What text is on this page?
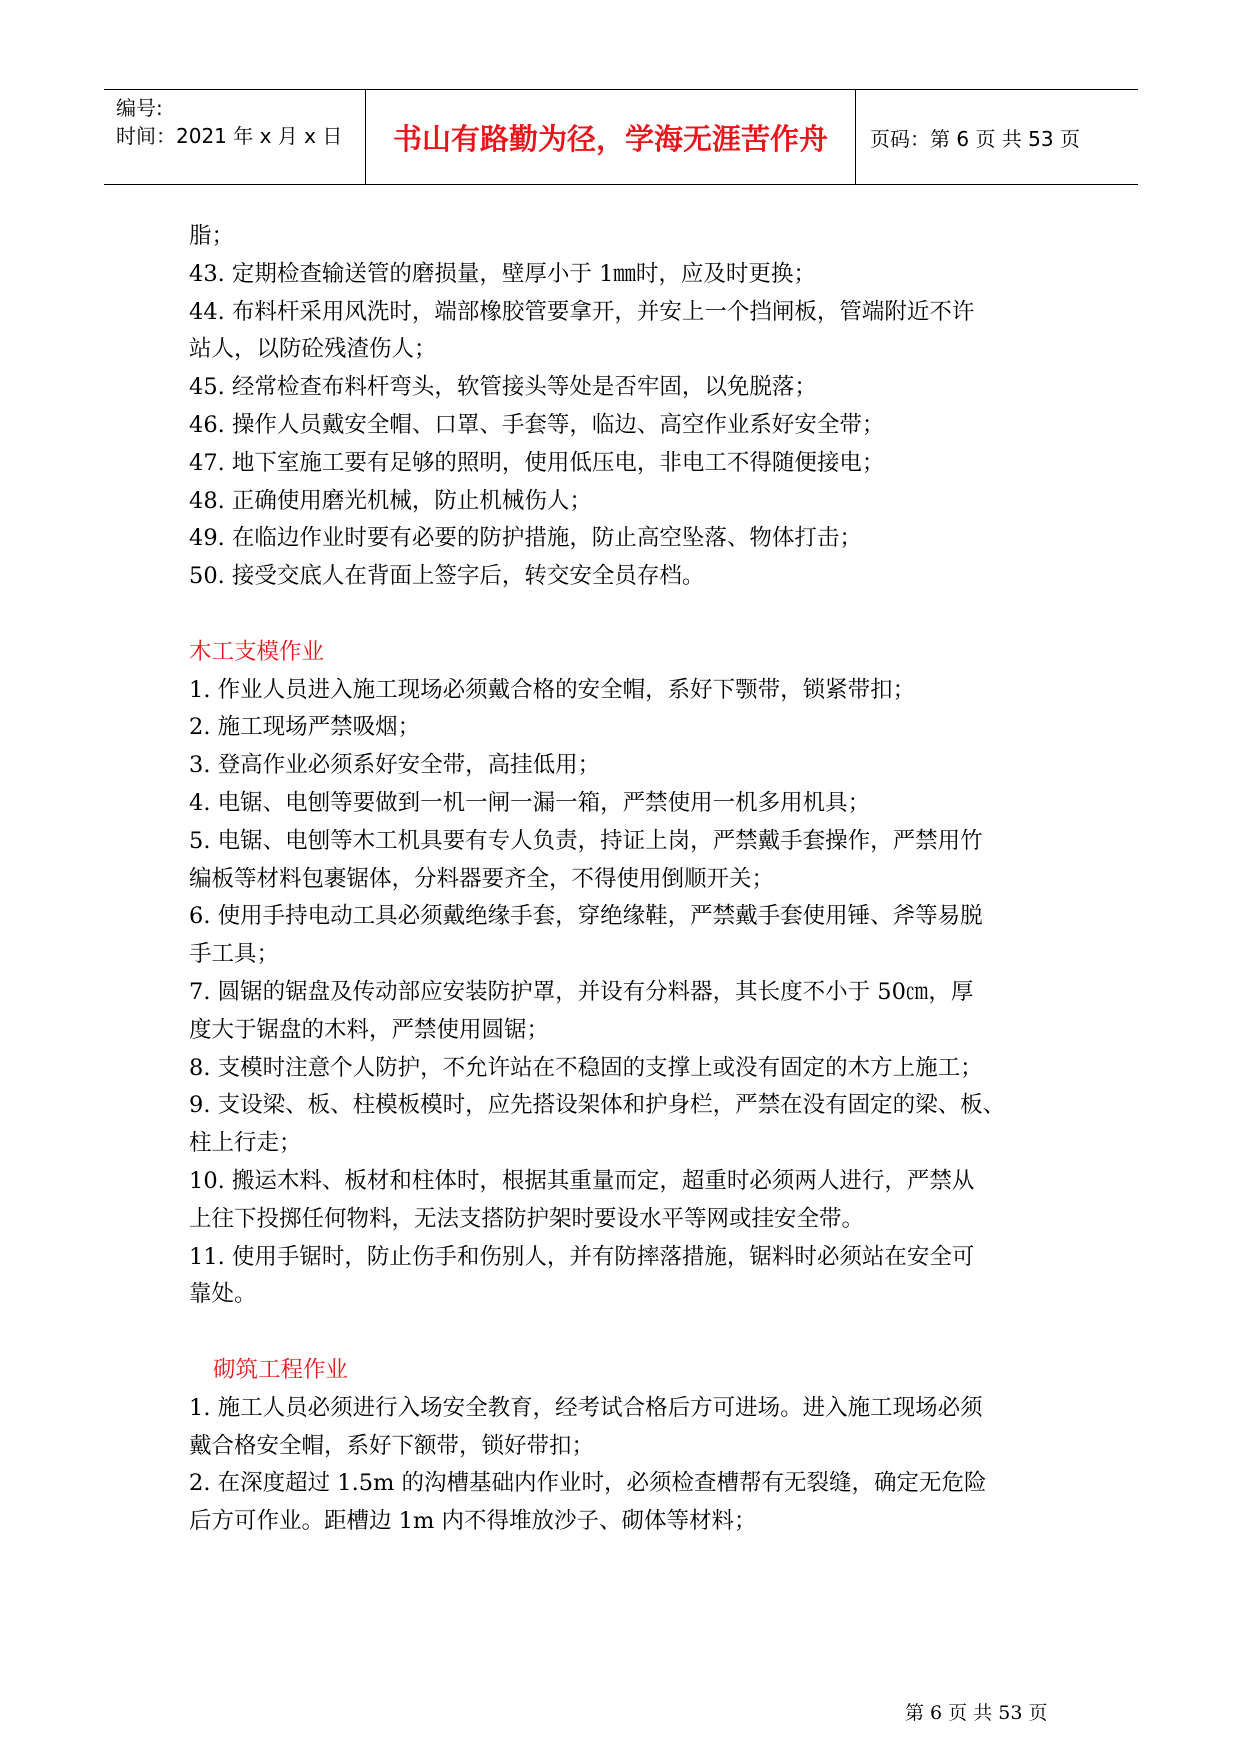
编号:
时间：2021 年 x 月 x 日	书山有路勤为径，学海无涯苦作舟	页码：第 6 页 共 53 页

脂；

43. 定期检查输送管的磨损量，壁厚小于 1㎜时，应及时更换；

44. 布料杆采用风洗时，端部橡胶管要拿开，并安上一个挡闸板，管端附近不许

站人，以防砼残渣伤人；

45. 经常检查布料杆弯头，软管接头等处是否牢固，以免脱落；

46. 操作人员戴安全帽、口罩、手套等，临边、高空作业系好安全带；

47. 地下室施工要有足够的照明，使用低压电，非电工不得随便接电；

48. 正确使用磨光机械，防止机械伤人；

49. 在临边作业时要有必要的防护措施，防止高空坠落、物体打击；

50. 接受交底人在背面上签字后，转交安全员存档。

木工支模作业

1. 作业人员进入施工现场必须戴合格的安全帽，系好下颚带，锁紧带扣；

2. 施工现场严禁吸烟；

3. 登高作业必须系好安全带，高挂低用；

4. 电锯、电刨等要做到一机一闸一漏一箱，严禁使用一机多用机具；

5. 电锯、电刨等木工机具要有专人负责，持证上岗，严禁戴手套操作，严禁用竹

编板等材料包裹锯体，分料器要齐全，不得使用倒顺开关；

6. 使用手持电动工具必须戴绝缘手套，穿绝缘鞋，严禁戴手套使用锤、斧等易脱

手工具；

7. 圆锯的锯盘及传动部应安装防护罩，并设有分料器，其长度不小于 50㎝，厚

度大于锯盘的木料，严禁使用圆锯；

8. 支模时注意个人防护，不允许站在不稳固的支撑上或没有固定的木方上施工；

9. 支设梁、板、柱模板模时，应先搭设架体和护身栏，严禁在没有固定的梁、板、

柱上行走；

10. 搬运木料、板材和柱体时，根据其重量而定，超重时必须两人进行，严禁从

上往下投掷任何物料，无法支搭防护架时要设水平等网或挂安全带。

11. 使用手锯时，防止伤手和伤别人，并有防摔落措施，锯料时必须站在安全可

靠处。

砌筑工程作业

1. 施工人员必须进行入场安全教育，经考试合格后方可进场。进入施工现场必须

戴合格安全帽，系好下额带，锁好带扣；

2. 在深度超过 1.5m 的沟槽基础内作业时，必须检查槽帮有无裂缝，确定无危险

后方可作业。距槽边 1m 内不得堆放沙子、砌体等材料；

第 6 页 共 53 页
